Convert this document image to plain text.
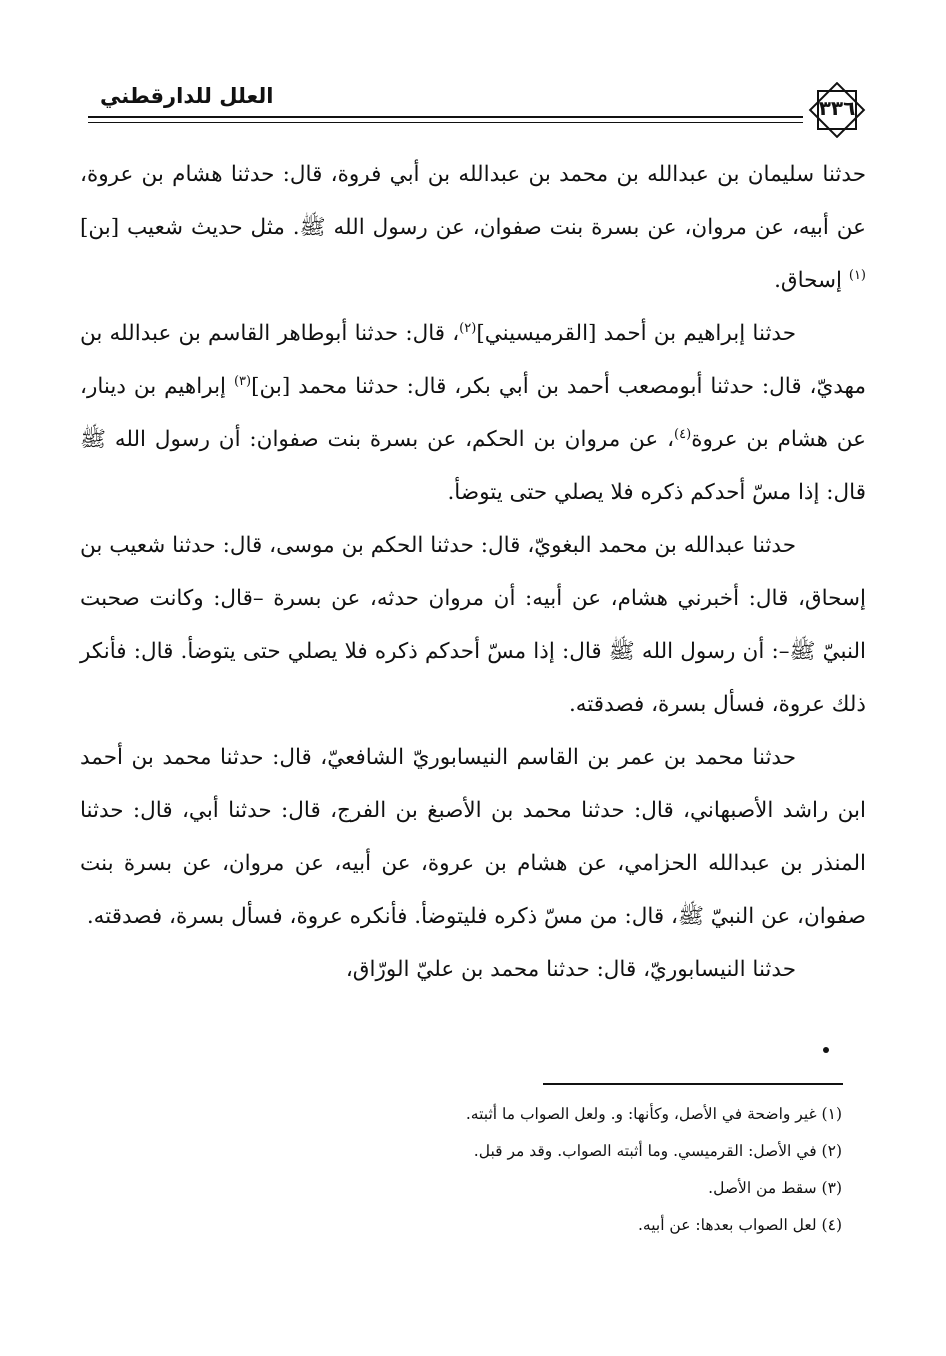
العلل للدارقطني	٣٣٦

حدثنا سليمان بن عبدالله بن محمد بن عبدالله بن أبي فروة، قال: حدثنا هشام بن عروة، عن أبيه، عن مروان، عن بسرة بنت صفوان، عن رسول الله ﷺ. مثل حديث شعيب [بن]$^{(١)}$ إسحاق.

حدثنا إبراهيم بن أحمد [القرميسيني]$^{(٢)}$، قال: حدثنا أبوطاهر القاسم بن عبدالله بن مهديّ، قال: حدثنا أبومصعب أحمد بن أبي بكر، قال: حدثنا محمد [بن]$^{(٣)}$ إبراهيم بن دينار، عن هشام بن عروة$^{(٤)}$، عن مروان بن الحكم، عن بسرة بنت صفوان: أن رسول الله ﷺ قال: إذا مسّ أحدكم ذكره فلا يصلي حتى يتوضأ.

حدثنا عبدالله بن محمد البغويّ، قال: حدثنا الحكم بن موسى، قال: حدثنا شعيب بن إسحاق، قال: أخبرني هشام، عن أبيه: أن مروان حدثه، عن بسرة –قال: وكانت صحبت النبيّ ﷺ–: أن رسول الله ﷺ قال: إذا مسّ أحدكم ذكره فلا يصلي حتى يتوضأ. قال: فأنكر ذلك عروة، فسأل بسرة، فصدقته.

حدثنا محمد بن عمر بن القاسم النيسابوريّ الشافعيّ، قال: حدثنا محمد بن أحمد ابن راشد الأصبهاني، قال: حدثنا محمد بن الأصبغ بن الفرج، قال: حدثنا أبي، قال: حدثنا المنذر بن عبدالله الحزامي، عن هشام بن عروة، عن أبيه، عن مروان، عن بسرة بنت صفوان، عن النبيّ ﷺ، قال: من مسّ ذكره فليتوضأ. فأنكره عروة، فسأل بسرة، فصدقته.

حدثنا النيسابوريّ، قال: حدثنا محمد بن عليّ الورّاق،

(١) غير واضحة في الأصل، وكأنها: و. ولعل الصواب ما أثبته.

(٢) في الأصل: القرميسي. وما أثبته الصواب. وقد مر قبل.

(٣) سقط من الأصل.

(٤) لعل الصواب بعدها: عن أبيه.
